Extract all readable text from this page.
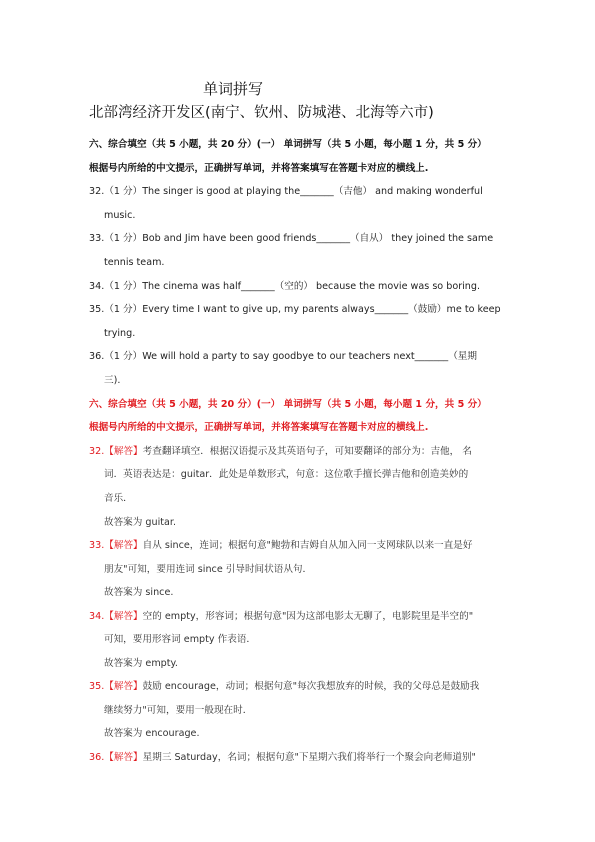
单词拼写
北部湾经济开发区(南宁、钦州、防城港、北海等六市)
六、综合填空（共 5 小题，共 20 分）(一） 单词拼写（共 5 小题，每小题 1 分，共 5 分）
根据号内所给的中文提示，正确拼写单词，并将答案填写在答题卡对应的横线上.
32.（1 分）The singer is good at playing the_______（吉他） and making wonderful
music.
33.（1 分）Bob and Jim have been good friends_______（自从） they joined the same
tennis team.
34.（1 分）The cinema was half_______（空的） because the movie was so boring.
35.（1 分）Every time I want to give up, my parents always_______（鼓励）me to keep
trying.
36.（1 分）We will hold a party to say goodbye to our teachers next_______（星期
三).
六、综合填空（共 5 小题，共 20 分）(一） 单词拼写（共 5 小题，每小题 1 分，共 5 分）
根据号内所给的中文提示，正确拼写单词，并将答案填写在答题卡对应的横线上.
32.【解答】考查翻译填空．根据汉语提示及其英语句子，可知要翻译的部分为：吉他， 名
词．英语表达是：guitar．此处是单数形式，句意：这位歌手擅长弹吉他和创造美妙的
音乐．
故答案为 guitar.
33.【解答】自从 since，连词；根据句意"鲍勃和吉姆自从加入同一支网球队以来一直是好
朋友"可知，要用连词 since 引导时间状语从句．
故答案为 since.
34.【解答】空的 empty，形容词；根据句意"因为这部电影太无聊了，电影院里是半空的"
可知，要用形容词 empty 作表语．
故答案为 empty.
35.【解答】鼓励 encourage，动词；根据句意"每次我想放弃的时候，我的父母总是鼓励我
继续努力"可知，要用一般现在时．
故答案为 encourage.
36.【解答】星期三 Saturday，名词；根据句意"下星期六我们将举行一个聚会向老师道别"
